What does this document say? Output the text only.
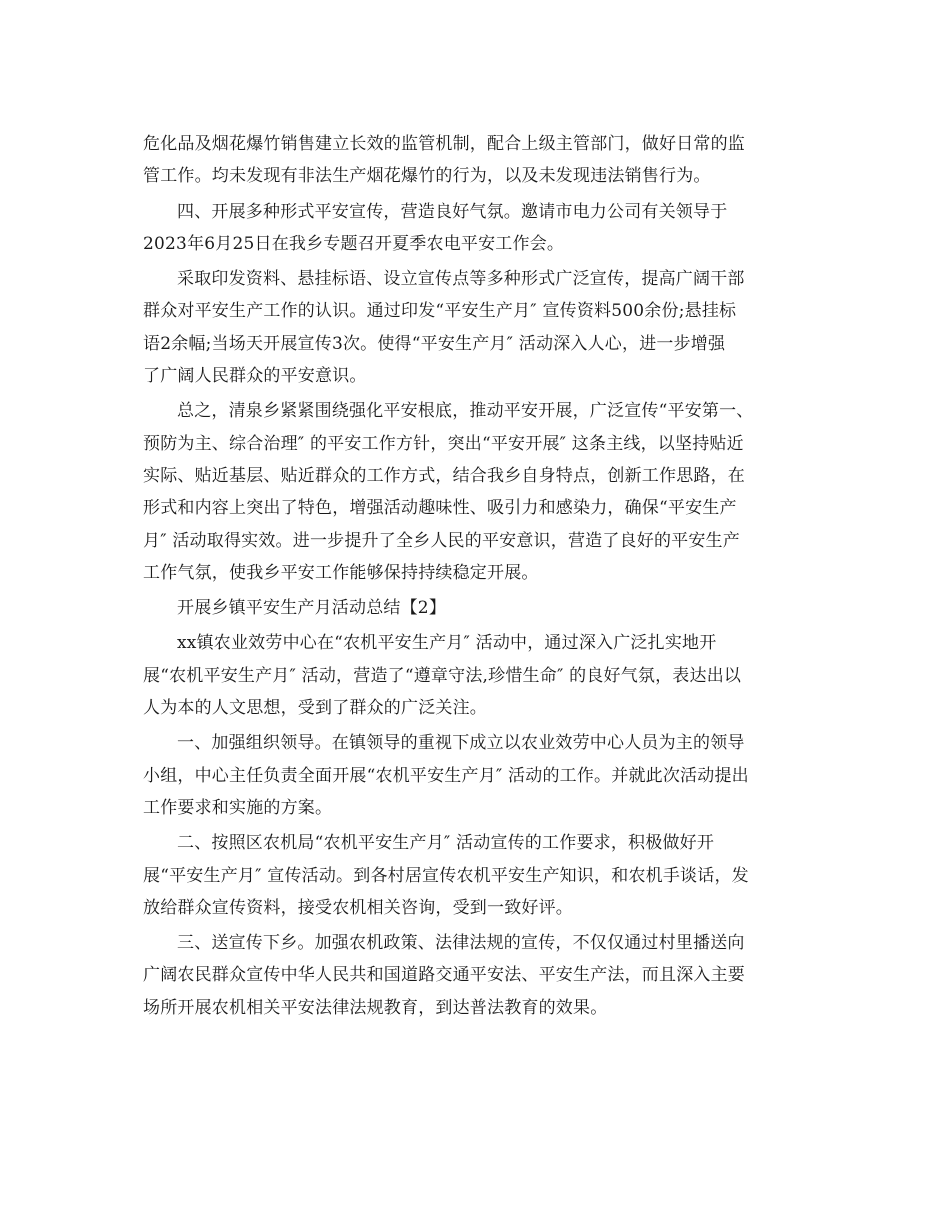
危化品及烟花爆竹销售建立长效的监管机制，配合上级主管部门，做好日常的监
管工作。均未发现有非法生产烟花爆竹的行为，以及未发现违法销售行为。
四、开展多种形式平安宣传，营造良好气氛。邀请市电力公司有关领导于
2023年6月25日在我乡专题召开夏季农电平安工作会。
采取印发资料、悬挂标语、设立宣传点等多种形式广泛宣传，提高广阔干部
群众对平安生产工作的认识。通过印发“平安生产月″ 宣传资料500余份;悬挂标
语2余幅;当场天开展宣传3次。使得“平安生产月″ 活动深入人心，进一步增强
了广阔人民群众的平安意识。
总之，清泉乡紧紧围绕强化平安根底，推动平安开展，广泛宣传“平安第一、
预防为主、综合治理″ 的平安工作方针，突出“平安开展″ 这条主线，以坚持贴近
实际、贴近基层、贴近群众的工作方式，结合我乡自身特点，创新工作思路，在
形式和内容上突出了特色，增强活动趣味性、吸引力和感染力，确保“平安生产
月″ 活动取得实效。进一步提升了全乡人民的平安意识，营造了良好的平安生产
工作气氛，使我乡平安工作能够保持持续稳定开展。
开展乡镇平安生产月活动总结【2】
xx镇农业效劳中心在“农机平安生产月″ 活动中，通过深入广泛扎实地开
展“农机平安生产月″ 活动，营造了“遵章守法,珍惜生命″ 的良好气氛，表达出以
人为本的人文思想，受到了群众的广泛关注。
一、加强组织领导。在镇领导的重视下成立以农业效劳中心人员为主的领导
小组，中心主任负责全面开展“农机平安生产月″ 活动的工作。并就此次活动提出
工作要求和实施的方案。
二、按照区农机局“农机平安生产月″ 活动宣传的工作要求，积极做好开
展“平安生产月″ 宣传活动。到各村居宣传农机平安生产知识，和农机手谈话，发
放给群众宣传资料，接受农机相关咨询，受到一致好评。
三、送宣传下乡。加强农机政策、法律法规的宣传，不仅仅通过村里播送向
广阔农民群众宣传中华人民共和国道路交通平安法、平安生产法，而且深入主要
场所开展农机相关平安法律法规教育，到达普法教育的效果。
